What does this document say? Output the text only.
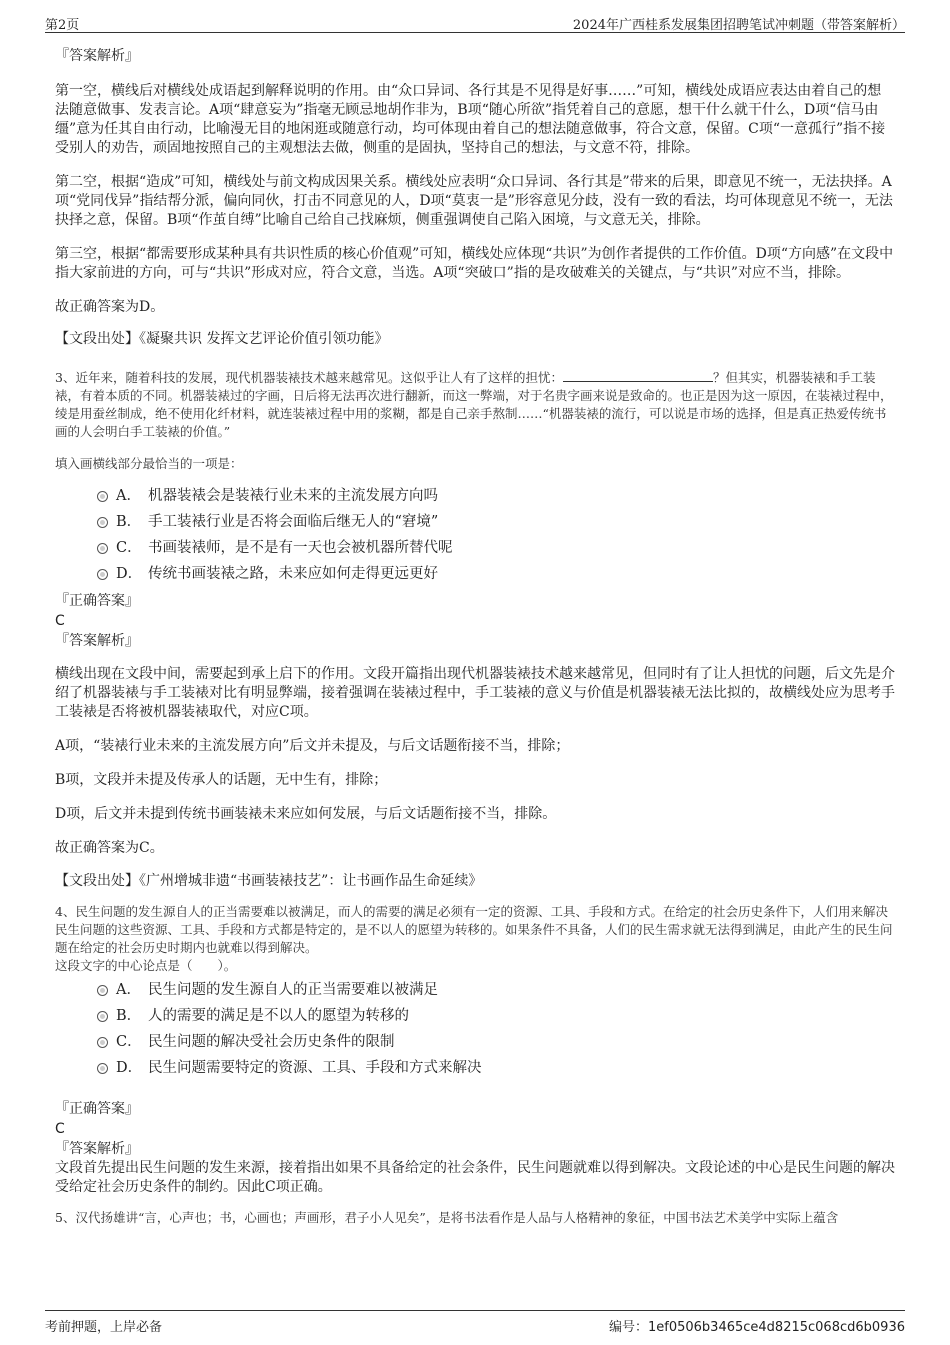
第2页	2024年广西桂系发展集团招聘笔试冲刺题（带答案解析）
『答案解析』

第一空，横线后对横线处成语起到解释说明的作用。由“众口异词、各行其是不见得是好事……”可知，横线处成语应表达由着自己的想法随意做事、发表言论。A项“肆意妄为”指毫无顾忌地胡作非为，B项“随心所欲”指凭着自己的意愿，想干什么就干什么，D项“信马由缰”意为任其自由行动，比喻漫无目的地闲逛或随意行动，均可体现由着自己的想法随意做事，符合文意，保留。C项“一意孤行”指不接受别人的劝告，顽固地按照自己的主观想法去做，侧重的是固执，坚持自己的想法，与文意不符，排除。

第二空，根据“造成”可知，横线处与前文构成因果关系。横线处应表明“众口异词、各行其是”带来的后果，即意见不统一，无法抉择。A项“党同伐异”指结帮分派，偏向同伙，打击不同意见的人，D项“莫衷一是”形容意见分歧，没有一致的看法，均可体现意见不统一，无法抉择之意，保留。B项“作茧自缚”比喻自己给自己找麻烦，侧重强调使自己陷入困境，与文意无关，排除。

第三空，根据“都需要形成某种具有共识性质的核心价值观”可知，横线处应体现“共识”为创作者提供的工作价值。D项“方向感”在文段中指大家前进的方向，可与“共识”形成对应，符合文意，当选。A项“突破口”指的是攻破难关的关键点，与“共识”对应不当，排除。

故正确答案为D。

【文段出处】《凝聚共识 发挥文艺评论价值引领功能》

3、近年来，随着科技的发展，现代机器装裱技术越来越常见。这似乎让人有了这样的担忧：	？但其实，机器装裱和手工装裱，有着本质的不同。机器装裱过的字画，日后将无法再次进行翻新，而这一弊端，对于名贵字画来说是致命的。也正是因为这一原因，在装裱过程中，绫是用蚕丝制成，绝不使用化纤材料，就连装裱过程中用的浆糊，都是自己亲手熬制……“机器装裱的流行，可以说是市场的选择，但是真正热爱传统书画的人会明白手工装裱的价值。”

填入画横线部分最恰当的一项是：

A． 机器装裱会是装裱行业未来的主流发展方向吗
B． 手工装裱行业是否将会面临后继无人的“窘境”
C． 书画装裱师，是不是有一天也会被机器所替代呢
D． 传统书画装裱之路，未来应如何走得更远更好
『正确答案』
C
『答案解析』

横线出现在文段中间，需要起到承上启下的作用。文段开篇指出现代机器装裱技术越来越常见，但同时有了让人担忧的问题，后文先是介绍了机器装裱与手工装裱对比有明显弊端，接着强调在装裱过程中，手工装裱的意义与价值是机器装裱无法比拟的，故横线处应为思考手工装裱是否将被机器装裱取代，对应C项。

A项，“装裱行业未来的主流发展方向”后文并未提及，与后文话题衔接不当，排除；

B项，文段并未提及传承人的话题，无中生有，排除；

D项，后文并未提到传统书画装裱未来应如何发展，与后文话题衔接不当，排除。

故正确答案为C。

【文段出处】《广州增城非遗“书画装裱技艺”：让书画作品生命延续》

4、民生问题的发生源自人的正当需要难以被满足，而人的需要的满足必须有一定的资源、工具、手段和方式。在给定的社会历史条件下，人们用来解决民生问题的这些资源、工具、手段和方式都是特定的，是不以人的愿望为转移的。如果条件不具备，人们的民生需求就无法得到满足，由此产生的民生问题在给定的社会历史时期内也就难以得到解决。

这段文字的中心论点是（　　）。

A． 民生问题的发生源自人的正当需要难以被满足
B． 人的需要的满足是不以人的愿望为转移的
C． 民生问题的解决受社会历史条件的限制
D． 民生问题需要特定的资源、工具、手段和方式来解决
『正确答案』
C
『答案解析』

文段首先提出民生问题的发生来源，接着指出如果不具备给定的社会条件，民生问题就难以得到解决。文段论述的中心是民生问题的解决受给定社会历史条件的制约。因此C项正确。

5、汉代扬雄讲“言，心声也；书，心画也；声画形，君子小人见矣”，是将书法看作是人品与人格精神的象征，中国书法艺术美学中实际上蕴含

考前押题，上岸必备	编号：1ef0506b3465ce4d8215c068cd6b0936
